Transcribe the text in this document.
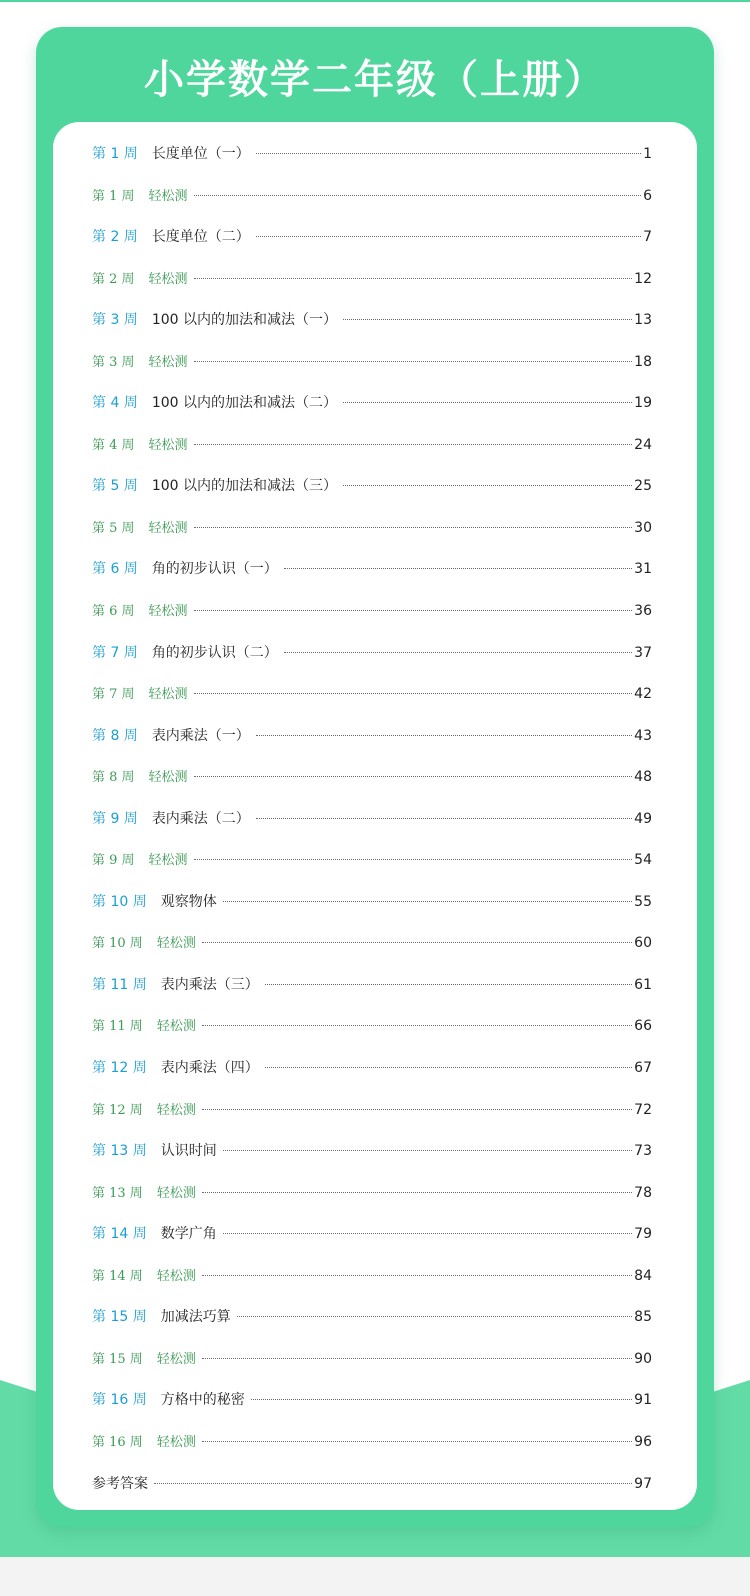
小学数学二年级（上册）
第 1 周 长度单位（一）	1
第 1 周 轻松测	6
第 2 周 长度单位（二）	7
第 2 周 轻松测	12
第 3 周 100 以内的加法和减法（一）	13
第 3 周 轻松测	18
第 4 周 100 以内的加法和减法（二）	19
第 4 周 轻松测	24
第 5 周 100 以内的加法和减法（三）	25
第 5 周 轻松测	30
第 6 周 角的初步认识（一）	31
第 6 周 轻松测	36
第 7 周 角的初步认识（二）	37
第 7 周 轻松测	42
第 8 周 表内乘法（一）	43
第 8 周 轻松测	48
第 9 周 表内乘法（二）	49
第 9 周 轻松测	54
第 10 周 观察物体	55
第 10 周 轻松测	60
第 11 周 表内乘法（三）	61
第 11 周 轻松测	66
第 12 周 表内乘法（四）	67
第 12 周 轻松测	72
第 13 周 认识时间	73
第 13 周 轻松测	78
第 14 周 数学广角	79
第 14 周 轻松测	84
第 15 周 加减法巧算	85
第 15 周 轻松测	90
第 16 周 方格中的秘密	91
第 16 周 轻松测	96
参考答案	97
